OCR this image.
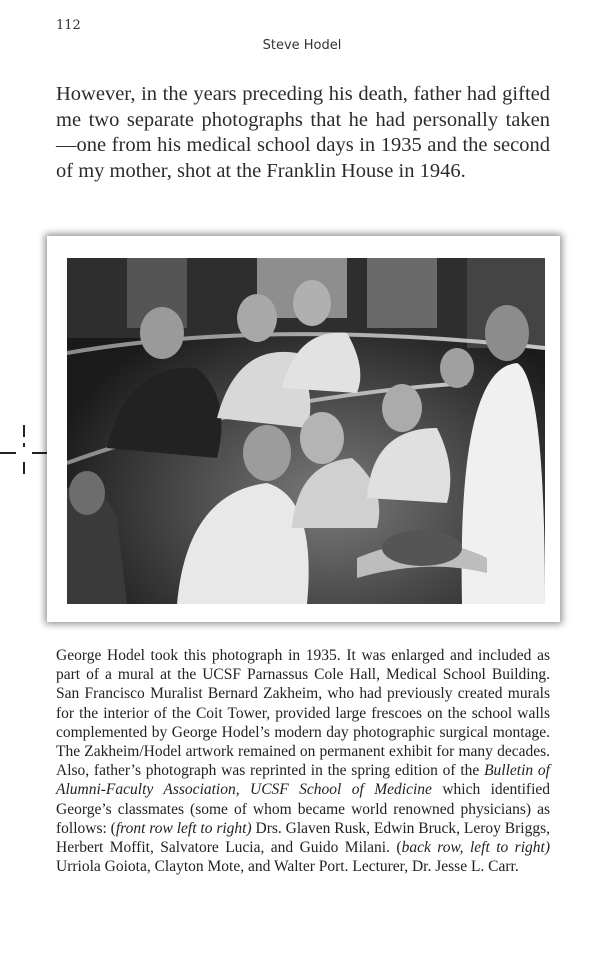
112
Steve Hodel

However, in the years preceding his death, father had gifted me two separate photographs that he had personally taken—one from his medical school days in 1935 and the second of my mother, shot at the Franklin House in 1946.

George Hodel took this photograph in 1935. It was enlarged and included as part of a mural at the UCSF Parnassus Cole Hall, Medical School Building. San Francisco Muralist Bernard Zakheim, who had previously created murals for the interior of the Coit Tower, provided large frescoes on the school walls complemented by George Hodel’s modern day photographic surgical montage. The Zakheim/Hodel artwork remained on permanent exhibit for many decades. Also, father’s photograph was reprinted in the spring edition of the Bulletin of Alumni-Faculty Association, UCSF School of Medicine which identified George’s classmates (some of whom became world renowned physicians) as follows: (front row left to right) Drs. Glaven Rusk, Edwin Bruck, Leroy Briggs, Herbert Moffit, Salvatore Lucia, and Guido Milani. (back row, left to right) Urriola Goiota, Clayton Mote, and Walter Port. Lecturer, Dr. Jesse L. Carr.
